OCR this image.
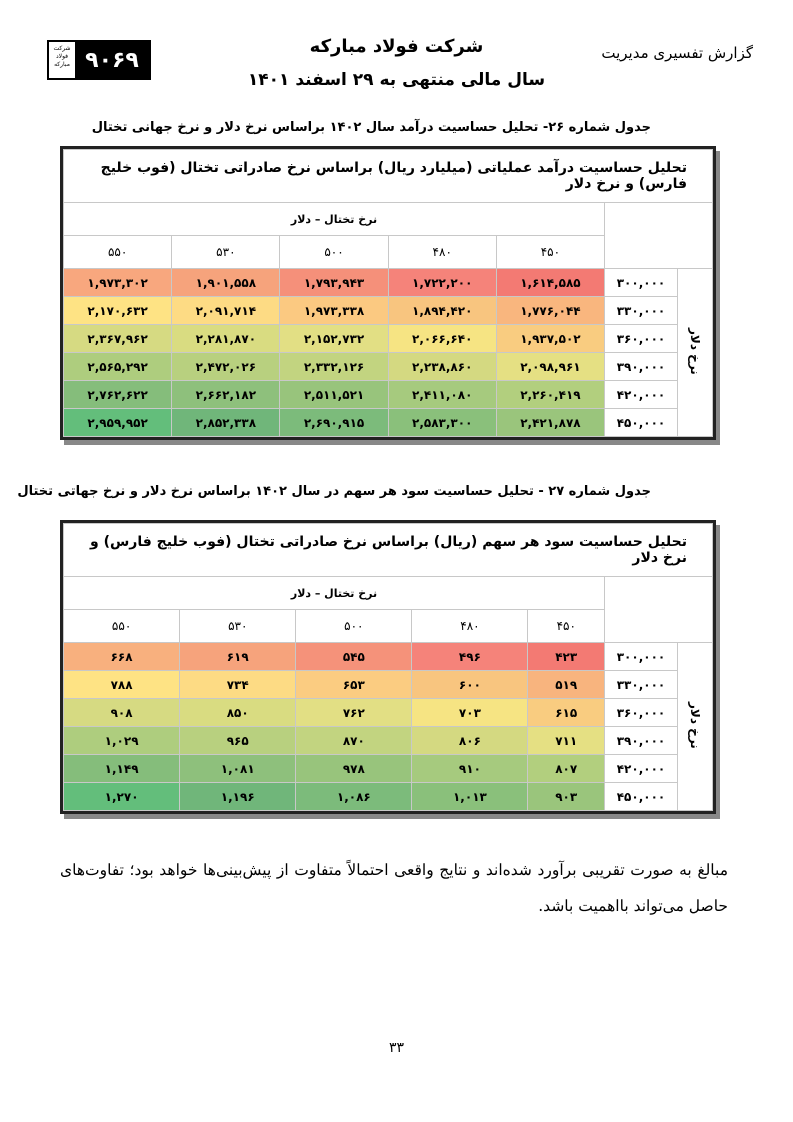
شرکت فولاد مبارکه ۹۰۶۹	گزارش تفسیری مدیریت
شرکت فولاد مبارکه
سال مالی منتهی به ۲۹ اسفند ۱۴۰۱
جدول شماره ۲۶- تحلیل حساسیت درآمد سال ۱۴۰۲ براساس نرخ دلار و نرخ جهانی تختال
تحلیل حساسیت درآمد عملیاتی (میلیارد ریال) براساس نرخ صادراتی تختال (فوب خلیج فارس) و نرخ دلار						
		نرخ تختال – دلار				
		۴۵۰	۴۸۰	۵۰۰	۵۳۰	۵۵۰
نرخ دلار	۳۰۰,۰۰۰	۱,۶۱۴,۵۸۵	۱,۷۲۲,۲۰۰	۱,۷۹۳,۹۴۳	۱,۹۰۱,۵۵۸	۱,۹۷۳,۳۰۲
	۳۳۰,۰۰۰	۱,۷۷۶,۰۴۴	۱,۸۹۴,۴۲۰	۱,۹۷۳,۳۳۸	۲,۰۹۱,۷۱۴	۲,۱۷۰,۶۳۲
	۳۶۰,۰۰۰	۱,۹۳۷,۵۰۲	۲,۰۶۶,۶۴۰	۲,۱۵۲,۷۳۲	۲,۲۸۱,۸۷۰	۲,۳۶۷,۹۶۲
	۳۹۰,۰۰۰	۲,۰۹۸,۹۶۱	۲,۲۳۸,۸۶۰	۲,۳۳۲,۱۲۶	۲,۴۷۲,۰۲۶	۲,۵۶۵,۲۹۲
	۴۲۰,۰۰۰	۲,۲۶۰,۴۱۹	۲,۴۱۱,۰۸۰	۲,۵۱۱,۵۲۱	۲,۶۶۲,۱۸۲	۲,۷۶۲,۶۲۲
	۴۵۰,۰۰۰	۲,۴۲۱,۸۷۸	۲,۵۸۳,۳۰۰	۲,۶۹۰,۹۱۵	۲,۸۵۲,۳۳۸	۲,۹۵۹,۹۵۲
جدول شماره ۲۷ - تحلیل حساسیت سود هر سهم در سال ۱۴۰۲ براساس نرخ دلار و نرخ جهاتی تختال
تحلیل حساسیت سود هر سهم (ریال) براساس نرخ صادراتی تختال (فوب خلیج فارس) و نرخ دلار						
		نرخ تختال – دلار				
		۴۵۰	۴۸۰	۵۰۰	۵۳۰	۵۵۰
نرخ دلار	۳۰۰,۰۰۰	۴۲۳	۴۹۶	۵۴۵	۶۱۹	۶۶۸
	۳۳۰,۰۰۰	۵۱۹	۶۰۰	۶۵۳	۷۳۴	۷۸۸
	۳۶۰,۰۰۰	۶۱۵	۷۰۳	۷۶۲	۸۵۰	۹۰۸
	۳۹۰,۰۰۰	۷۱۱	۸۰۶	۸۷۰	۹۶۵	۱,۰۲۹
	۴۲۰,۰۰۰	۸۰۷	۹۱۰	۹۷۸	۱,۰۸۱	۱,۱۴۹
	۴۵۰,۰۰۰	۹۰۳	۱,۰۱۳	۱,۰۸۶	۱,۱۹۶	۱,۲۷۰
مبالغ به صورت تقریبی برآورد شده‌اند و نتایج واقعی احتمالاً متفاوت از پیش‌بینی‌ها خواهد بود؛ تفاوت‌های حاصل می‌تواند بااهمیت باشد.
۳۳
